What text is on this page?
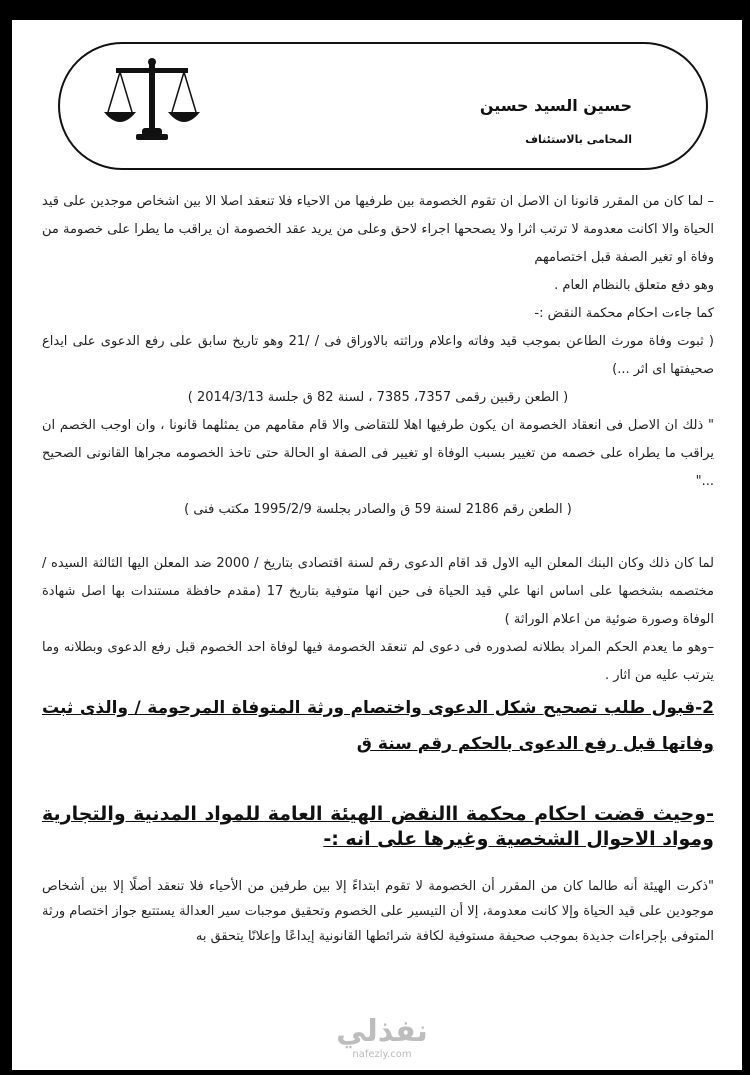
حسين السيد حسين
المحامى بالاستئناف

– لما كان من المقرر قانونا ان الاصل ان تقوم الخصومة بين طرفيها من الاحياء فلا تنعقد اصلا الا بين اشخاص موجدين على قيد الحياة والا اكانت معدومة لا ترتب اثرا ولا يصححها اجراء لاحق وعلى من يريد عقد الخصومة ان يراقب ما يطرا على خصومة من وفاة او تغير الصفة قبل اختصامهم

وهو دفع متعلق بالنظام العام .

كما جاءت احكام محكمة النقض :-

( ثبوت وفاة مورث الطاعن بموجب قيد وفاته واعلام وراثته بالاوراق فى / /21 وهو تاريخ سابق على رفع الدعوى على ايداع صحيفتها اى اثر ...)

( الطعن رقبين رقمى 7357، 7385 ، لسنة 82 ق جلسة 2014/3/13 )

" ذلك ان الاصل فى انعقاد الخصومة ان يكون طرفيها اهلا للتقاضى والا قام مقامهم من يمثلهما قانونا ، وان اوجب الخصم ان يراقب ما يطراه على خصمه من تغيير بسبب الوفاة او تغيير فى الصفة او الحالة حتى تاخذ الخصومه مجراها القانونى الصحيح ..."

( الطعن رقم 2186 لسنة 59 ق والصادر بجلسة 1995/2/9 مكتب فنى )

لما كان ذلك وكان البنك المعلن اليه الاول قد اقام الدعوى رقم لسنة اقتصادى بتاريخ / 2000 ضد المعلن اليها الثالثة السيده / مختصمه بشخصها على اساس انها علي قيد الحياة فى حين انها متوفية بتاريخ 17 (مقدم حافظة مستندات بها اصل شهادة الوفاة وصورة ضوئية من اعلام الوراثة )

–وهو ما يعدم الحكم المراد بطلانه لصدوره فى دعوى لم تنعقد الخصومة فيها لوفاة احد الخصوم قبل رفع الدعوى وبطلانه وما يترتب عليه من اثار .

2-قبول طلب تصحيح شكل الدعوى واختصام ورثة المتوفاة المرحومة / والذى ثبت وفاتها قبل رفع الدعوى بالحكم رقم سنة ق

-وحيث قضت احكام محكمة االنقض الهيئة العامة للمواد المدنية والتجارية ومواد الاحوال الشخصية وغيرها على انه :-

"ذكرت الهيئة أنه طالما كان من المقرر أن الخصومة لا تقوم ابتداءً إلا بين طرفين من الأحياء فلا تنعقد أصلًا إلا بين أشخاص موجودين على قيد الحياة وإلا كانت معدومة، إلا أن التيسير على الخصوم وتحقيق موجبات سير العدالة يستتبع جواز اختصام ورثة المتوفى بإجراءات جديدة بموجب صحيفة مستوفية لكافة شرائطها القانونية إيداعًا وإعلانًا يتحقق به

نفذلي
nafezly.com
